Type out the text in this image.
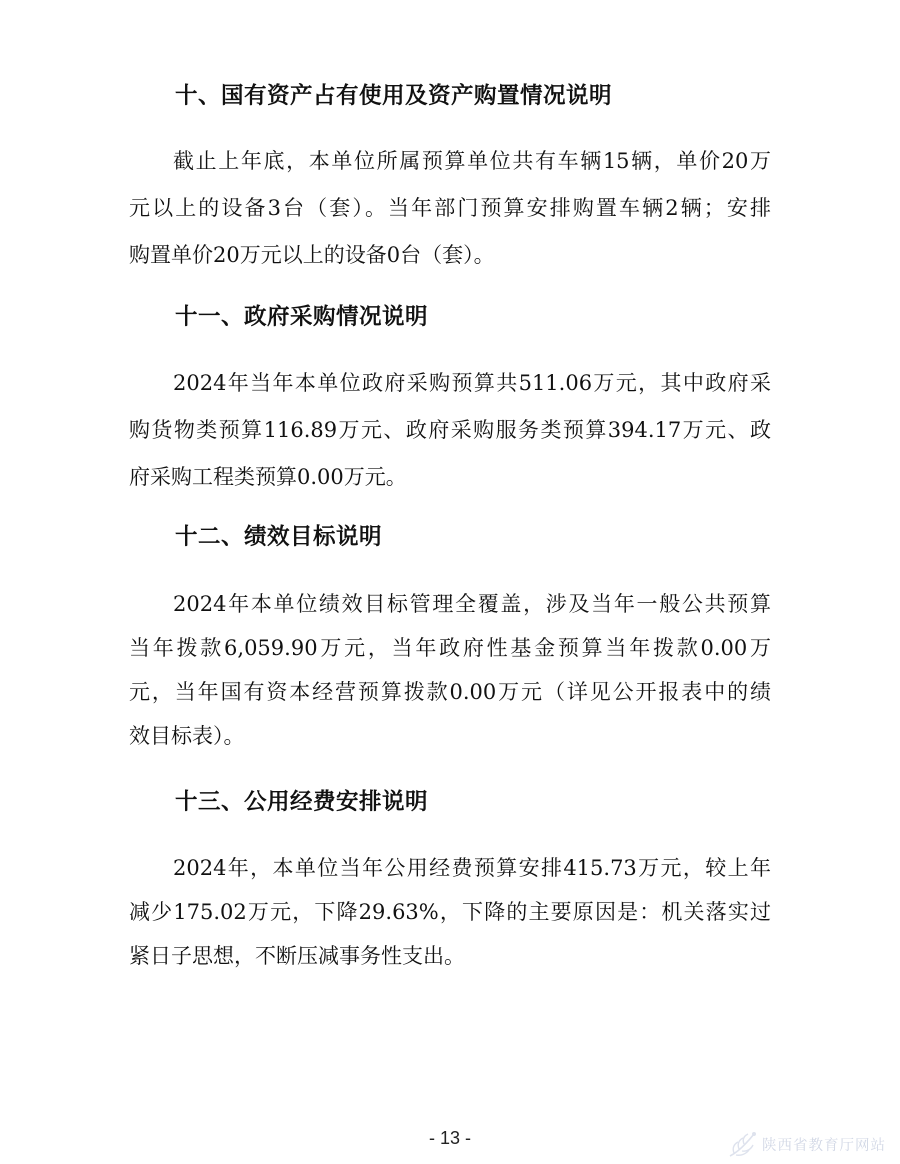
十、国有资产占有使用及资产购置情况说明
截止上年底，本单位所属预算单位共有车辆15辆，单价20万
元以上的设备3台（套）。当年部门预算安排购置车辆2辆；安排
购置单价20万元以上的设备0台（套）。
十一、政府采购情况说明
2024年当年本单位政府采购预算共511.06万元，其中政府采
购货物类预算116.89万元、政府采购服务类预算394.17万元、政
府采购工程类预算0.00万元。
十二、绩效目标说明
2024年本单位绩效目标管理全覆盖，涉及当年一般公共预算
当年拨款6,059.90万元，当年政府性基金预算当年拨款0.00万
元，当年国有资本经营预算拨款0.00万元（详见公开报表中的绩
效目标表）。
十三、公用经费安排说明
2024年，本单位当年公用经费预算安排415.73万元，较上年
减少175.02万元，下降29.63%，下降的主要原因是：机关落实过
紧日子思想，不断压减事务性支出。
- 13 -	陕西省教育厅网站
